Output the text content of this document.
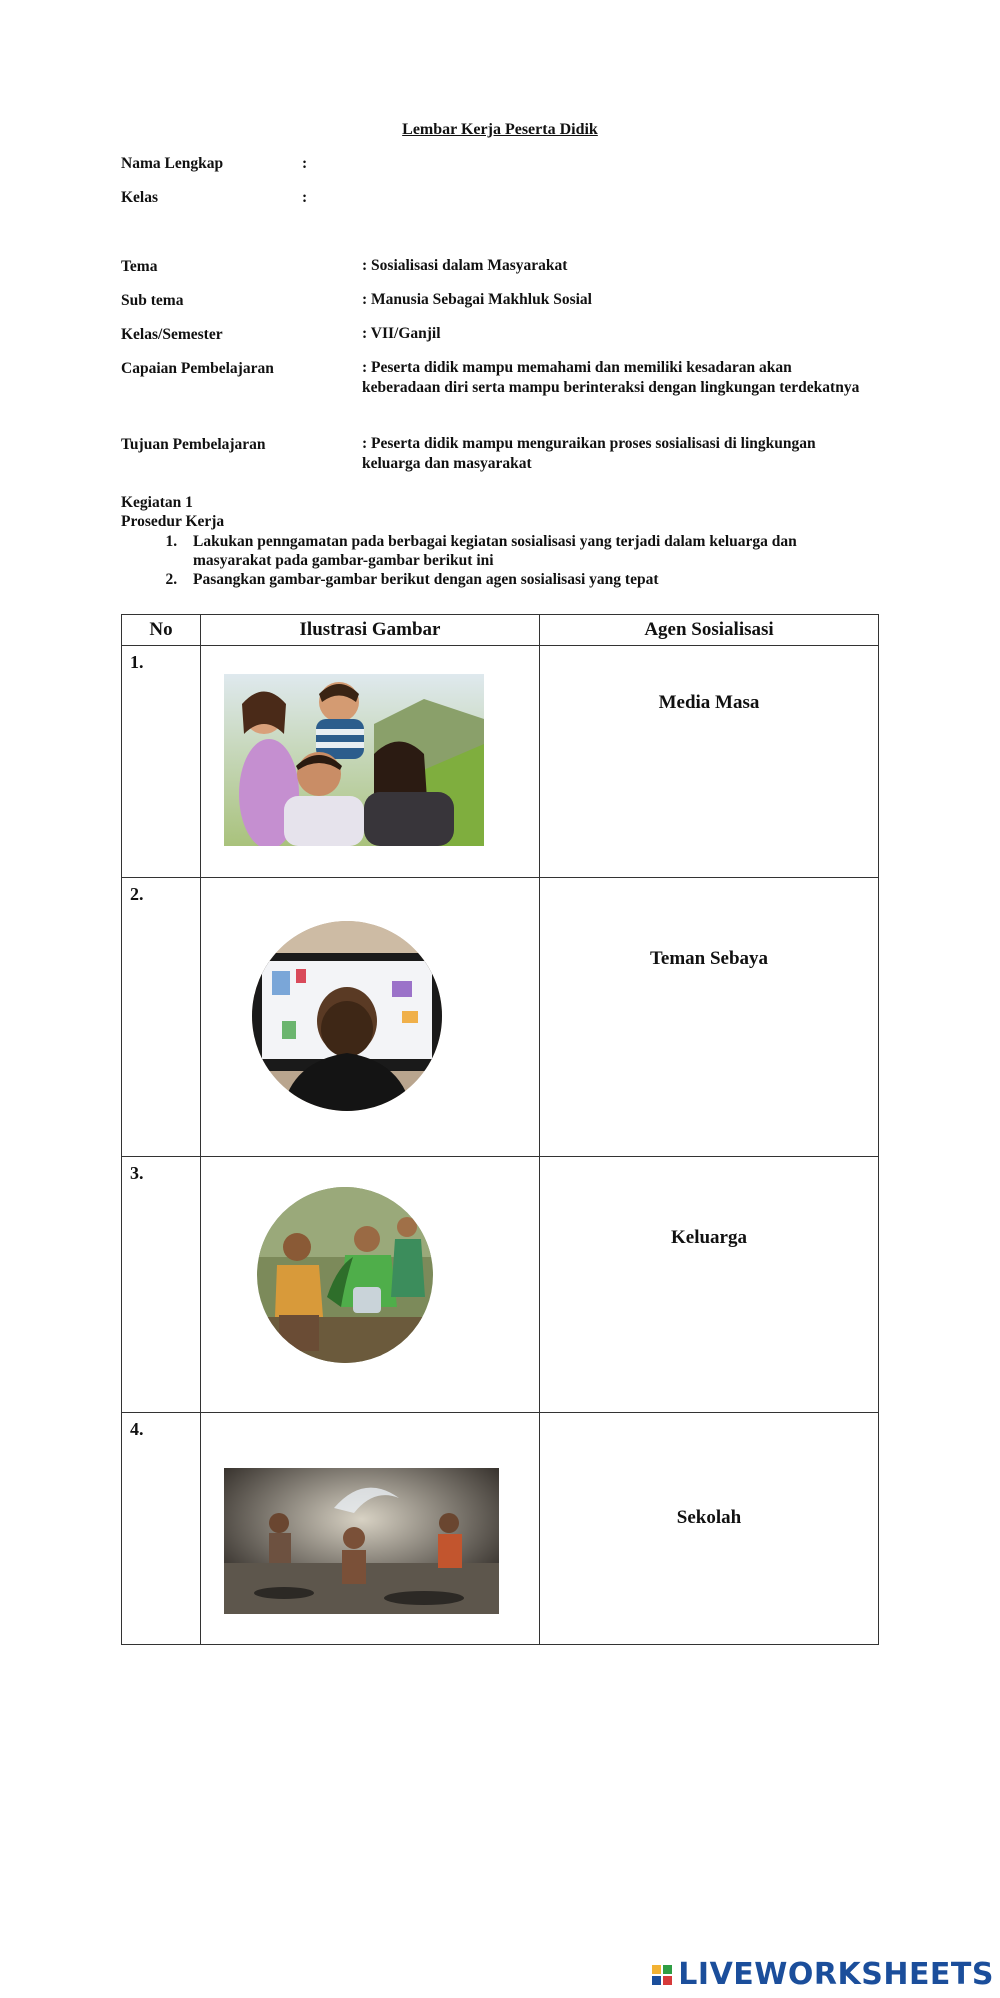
Lembar Kerja Peserta Didik
Nama Lengkap	:
Kelas	:
Tema	: Sosialisasi dalam Masyarakat
Sub tema	: Manusia Sebagai Makhluk Sosial
Kelas/Semester	: VII/Ganjil
Capaian Pembelajaran	: Peserta didik mampu memahami dan memiliki kesadaran akan keberadaan diri serta mampu berinteraksi dengan lingkungan terdekatnya
Tujuan Pembelajaran	: Peserta didik mampu menguraikan proses sosialisasi di lingkungan keluarga dan masyarakat
Kegiatan 1
Prosedur Kerja
1. Lakukan penngamatan pada berbagai kegiatan sosialisasi yang terjadi dalam keluarga dan masyarakat pada gambar-gambar berikut ini
2. Pasangkan gambar-gambar berikut dengan agen sosialisasi yang tepat
No	Ilustrasi Gambar	Agen Sosialisasi
1.		Media Masa

2.		Teman Sebaya

3.		Keluarga

4.		Sekolah
LIVEWORKSHEETS
